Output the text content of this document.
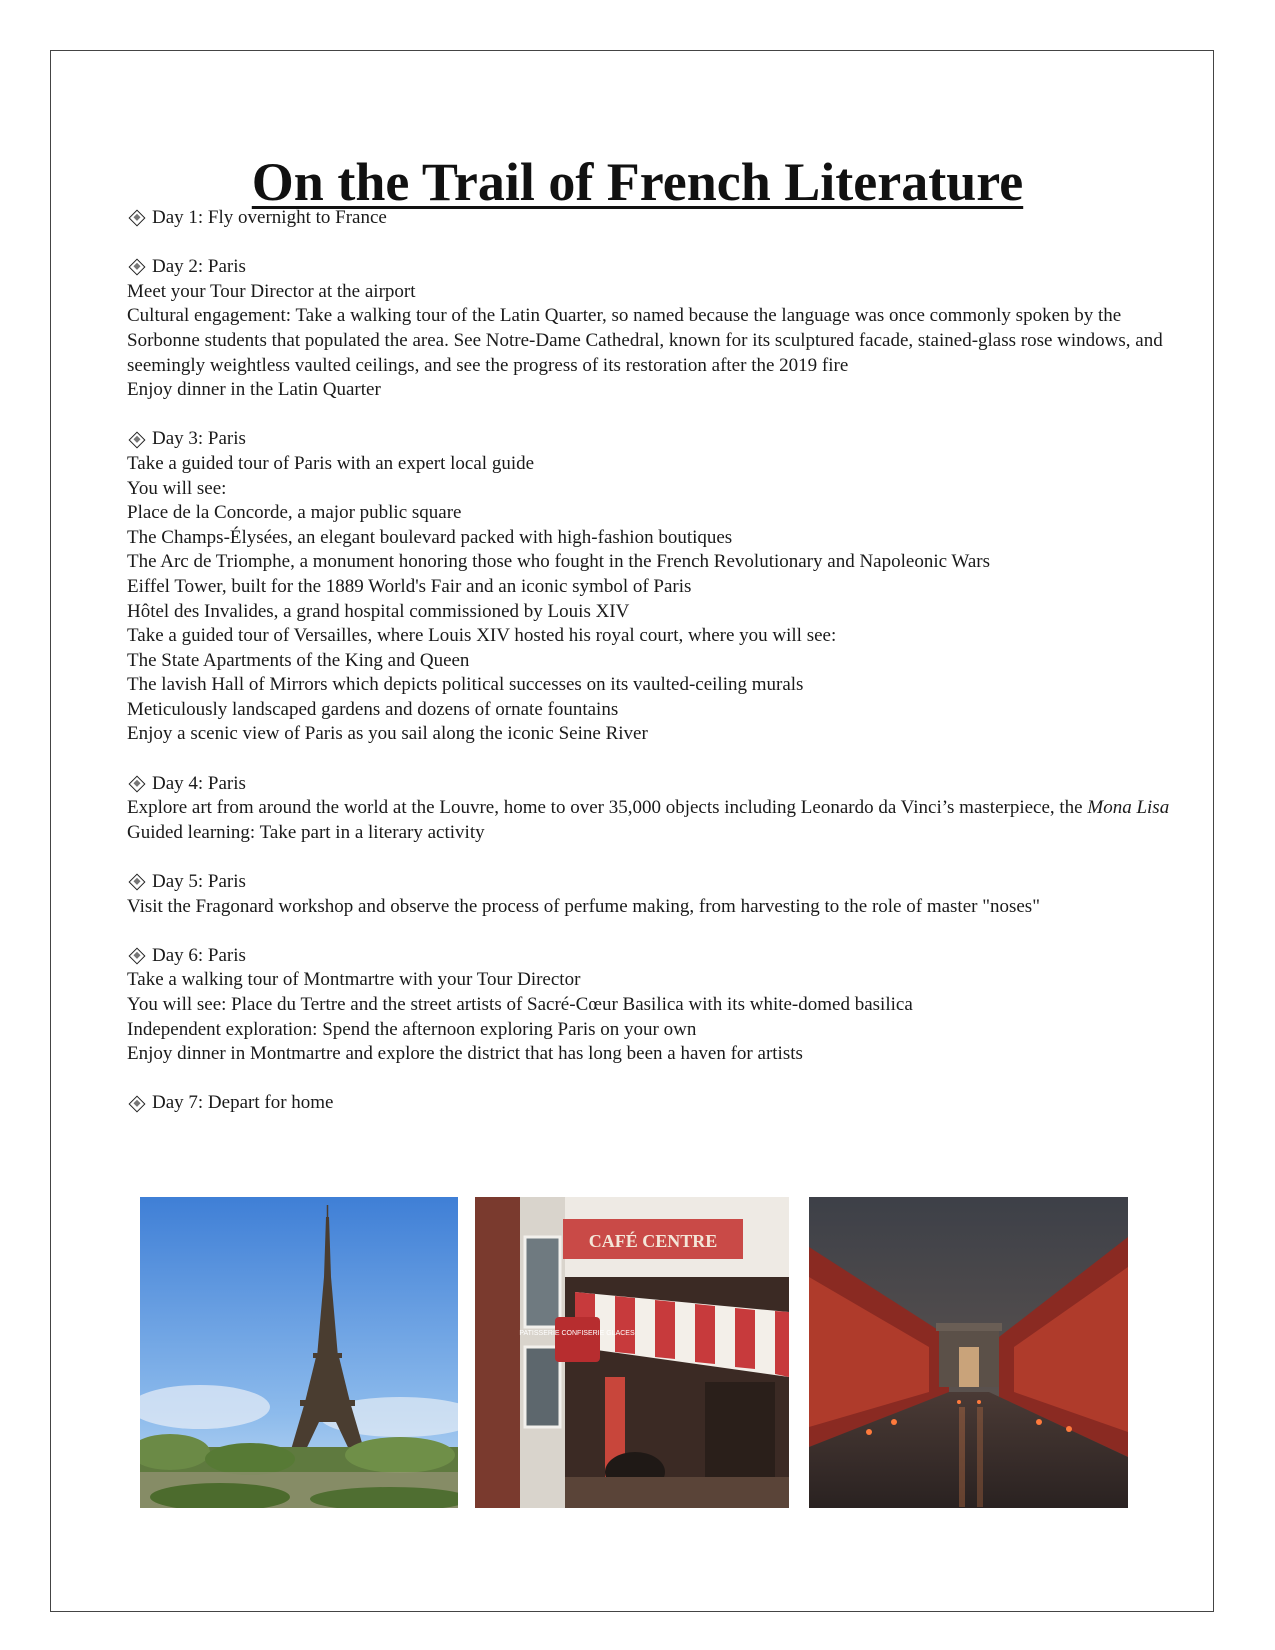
On the Trail of French Literature
Day 1: Fly overnight to France
Day 2: Paris
Meet your Tour Director at the airport
Cultural engagement: Take a walking tour of the Latin Quarter, so named because the language was once commonly spoken by the Sorbonne students that populated the area. See Notre-Dame Cathedral, known for its sculptured facade, stained-glass rose windows, and seemingly weightless vaulted ceilings, and see the progress of its restoration after the 2019 fire
Enjoy dinner in the Latin Quarter
Day 3: Paris
Take a guided tour of Paris with an expert local guide
You will see:
Place de la Concorde, a major public square
The Champs-Élysées, an elegant boulevard packed with high-fashion boutiques
The Arc de Triomphe, a monument honoring those who fought in the French Revolutionary and Napoleonic Wars
Eiffel Tower, built for the 1889 World's Fair and an iconic symbol of Paris
Hôtel des Invalides, a grand hospital commissioned by Louis XIV
Take a guided tour of Versailles, where Louis XIV hosted his royal court, where you will see:
The State Apartments of the King and Queen
The lavish Hall of Mirrors which depicts political successes on its vaulted-ceiling murals
Meticulously landscaped gardens and dozens of ornate fountains
Enjoy a scenic view of Paris as you sail along the iconic Seine River
Day 4: Paris
Explore art from around the world at the Louvre, home to over 35,000 objects including Leonardo da Vinci’s masterpiece, the Mona Lisa
Guided learning: Take part in a literary activity
Day 5: Paris
Visit the Fragonard workshop and observe the process of perfume making, from harvesting to the role of master "noses"
Day 6: Paris
Take a walking tour of Montmartre with your Tour Director
You will see: Place du Tertre and the street artists of Sacré-Cœur Basilica with its white-domed basilica
Independent exploration: Spend the afternoon exploring Paris on your own
Enjoy dinner in Montmartre and explore the district that has long been a haven for artists
Day 7: Depart for home
CAFÉ CENTRE
PATISSERIE CONFISERIE GLACES
